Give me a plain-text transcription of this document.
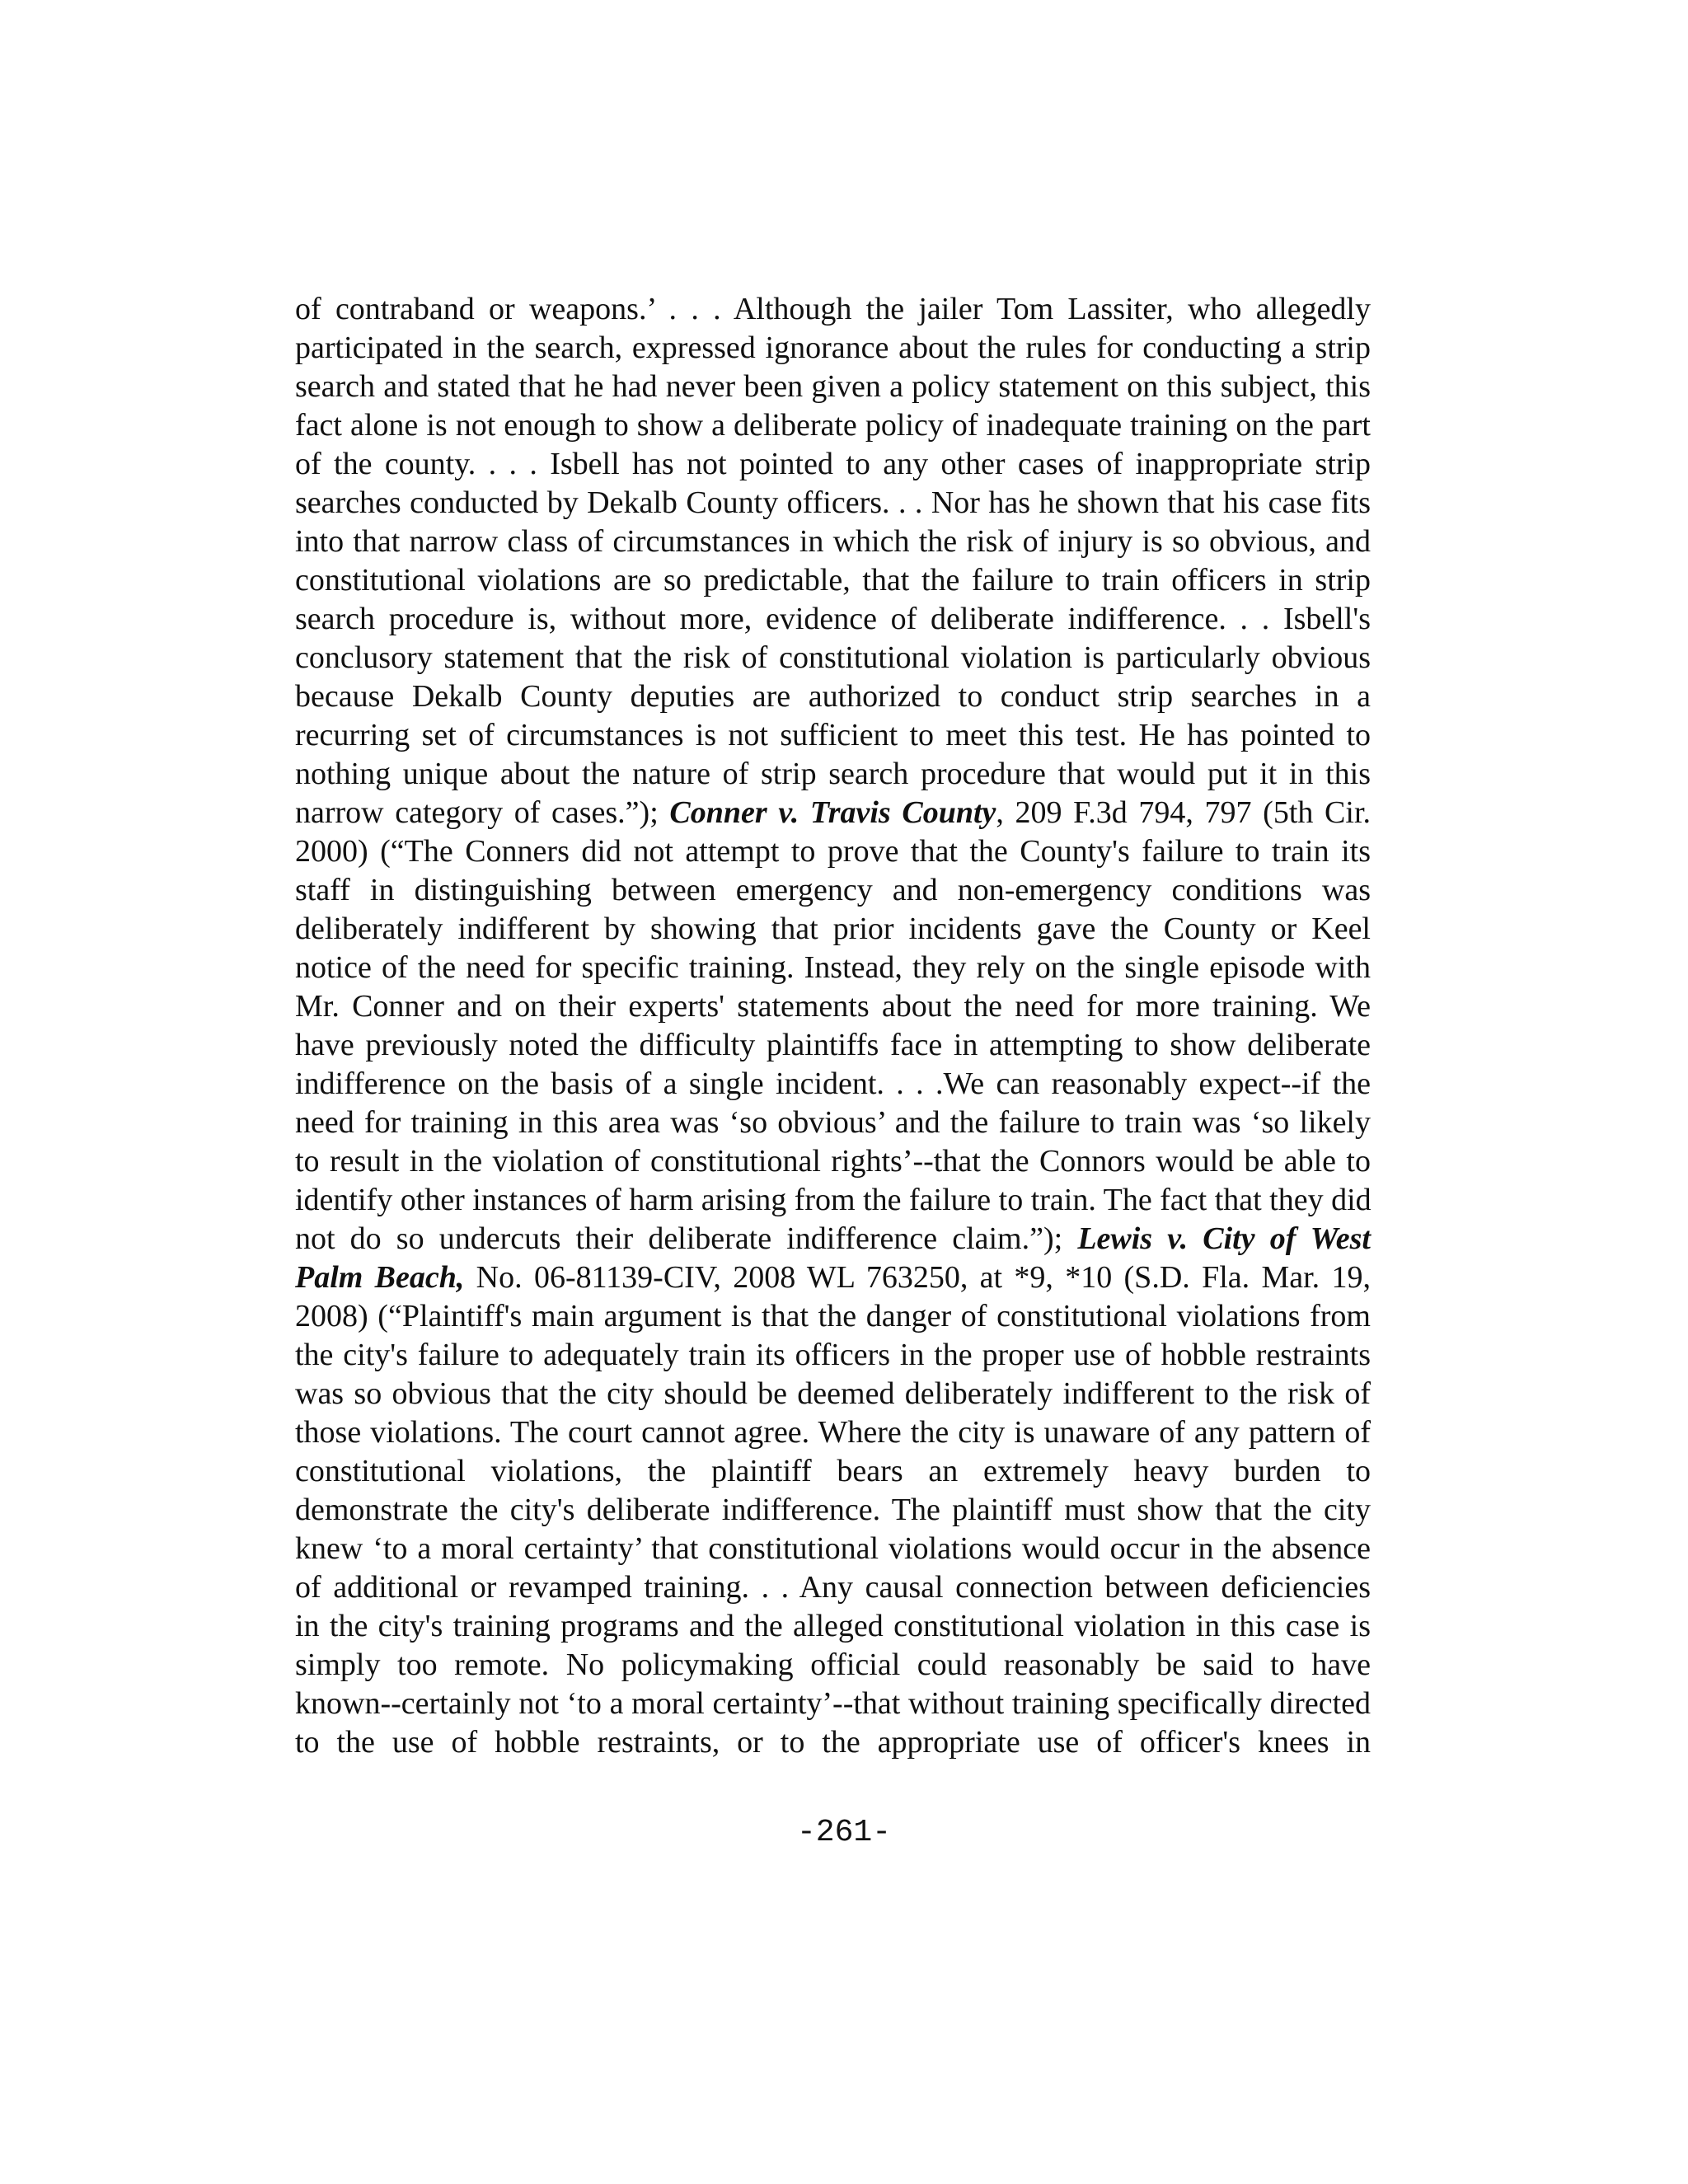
of contraband or weapons.’ . . . Although the jailer Tom Lassiter, who allegedly
participated in the search, expressed ignorance about the rules for conducting a strip
search and stated that he had never been given a policy statement on this subject, this
fact alone is not enough to show a deliberate policy of inadequate training on the part
of the county. . . . Isbell has not pointed to any other cases of inappropriate strip
searches conducted by Dekalb County officers. . . Nor has he shown that his case fits
into that narrow class of circumstances in which the risk of injury is so obvious, and
constitutional violations are so predictable, that the failure to train officers in strip
search procedure is, without more, evidence of deliberate indifference. . . Isbell's
conclusory statement that the risk of constitutional violation is particularly obvious
because Dekalb County deputies are authorized to conduct strip searches in a
recurring set of circumstances is not sufficient to meet this test. He has pointed to
nothing unique about the nature of strip search procedure that would put it in this
narrow category of cases.”); Conner v. Travis County, 209 F.3d 794, 797 (5th Cir.
2000) (“The Conners did not attempt to prove that the County's failure to train its
staff in distinguishing between emergency and non-emergency conditions was
deliberately indifferent by showing that prior incidents gave the County or Keel
notice of the need for specific training. Instead, they rely on the single episode with
Mr. Conner and on their experts' statements about the need for more training. We
have previously noted the difficulty plaintiffs face in attempting to show deliberate
indifference on the basis of a single incident. . . .We can reasonably expect--if the
need for training in this area was ‘so obvious’ and the failure to train was ‘so likely
to result in the violation of constitutional rights’--that the Connors would be able to
identify other instances of harm arising from the failure to train. The fact that they did
not do so undercuts their deliberate indifference claim.”); Lewis v. City of West
Palm Beach, No. 06-81139-CIV, 2008 WL 763250, at *9, *10 (S.D. Fla. Mar. 19,
2008) (“Plaintiff's main argument is that the danger of constitutional violations from
the city's failure to adequately train its officers in the proper use of hobble restraints
was so obvious that the city should be deemed deliberately indifferent to the risk of
those violations. The court cannot agree. Where the city is unaware of any pattern of
constitutional violations, the plaintiff bears an extremely heavy burden to
demonstrate the city's deliberate indifference. The plaintiff must show that the city
knew ‘to a moral certainty’ that constitutional violations would occur in the absence
of additional or revamped training. . . Any causal connection between deficiencies
in the city's training programs and the alleged constitutional violation in this case is
simply too remote. No policymaking official could reasonably be said to have
known--certainly not ‘to a moral certainty’--that without training specifically directed
to the use of hobble restraints, or to the appropriate use of officer's knees in
-261-
